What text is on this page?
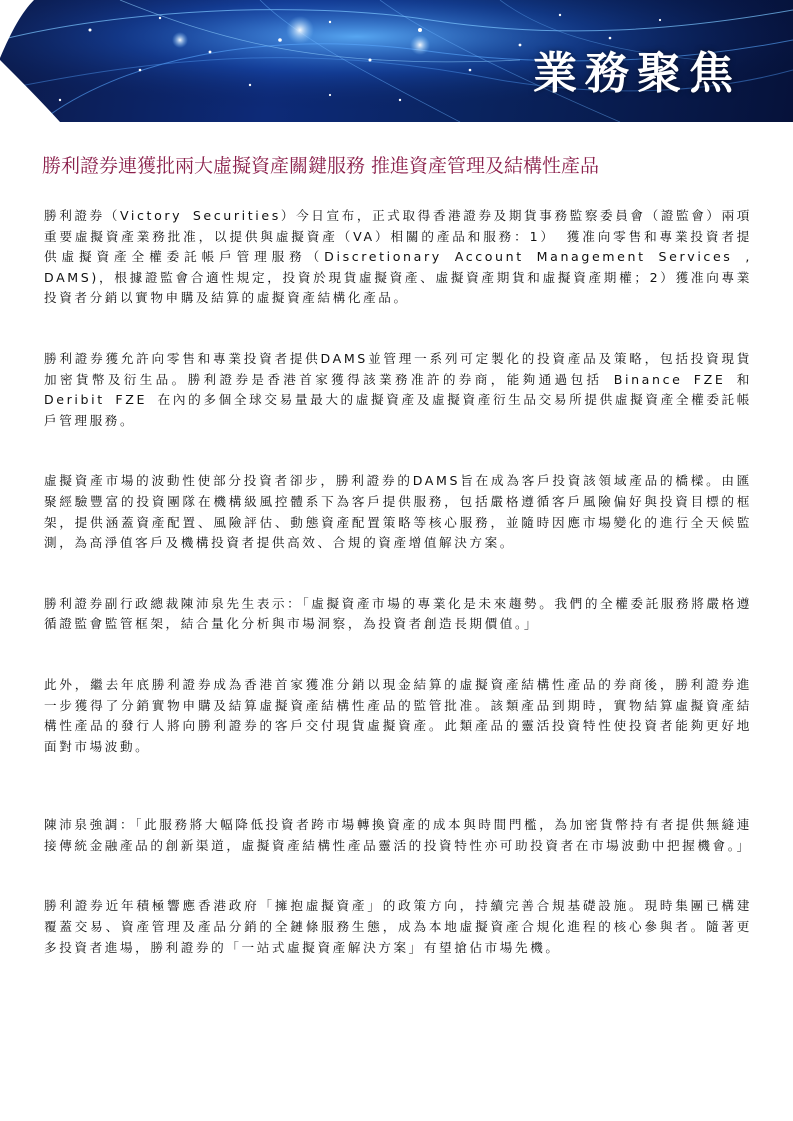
業務聚焦
勝利證券連獲批兩大虛擬資產關鍵服務 推進資產管理及結構性產品

勝利證券（Victory Securities）今日宣布，正式取得香港證券及期貨事務監察委員會（證監會）兩項重要虛擬資產業務批准，以提供與虛擬資產（VA）相關的產品和服務：1） 獲准向零售和專業投資者提供虛擬資產全權委託帳戶管理服務（Discretionary Account Management Services , DAMS)，根據證監會合適性規定，投資於現貨虛擬資產、虛擬資產期貨和虛擬資產期權；2）獲准向專業投資者分銷以實物申購及結算的虛擬資產結構化產品。

勝利證券獲允許向零售和專業投資者提供DAMS並管理一系列可定製化的投資產品及策略，包括投資現貨加密貨幣及衍生品。勝利證券是香港首家獲得該業務准許的券商，能夠通過包括 Binance FZE 和 Deribit FZE 在內的多個全球交易量最大的虛擬資產及虛擬資產衍生品交易所提供虛擬資產全權委託帳戶管理服務。

虛擬資產市場的波動性使部分投資者卻步，勝利證券的DAMS旨在成為客戶投資該領域產品的橋樑。由匯聚經驗豐富的投資團隊在機構級風控體系下為客戶提供服務，包括嚴格遵循客戶風險偏好與投資目標的框架，提供涵蓋資產配置、風險評估、動態資產配置策略等核心服務，並隨時因應市場變化的進行全天候監測，為高淨值客戶及機構投資者提供高效、合規的資產增值解決方案。

勝利證券副行政總裁陳沛泉先生表示：「虛擬資產市場的專業化是未來趨勢。我們的全權委託服務將嚴格遵循證監會監管框架，結合量化分析與市場洞察，為投資者創造長期價值。」

此外，繼去年底勝利證券成為香港首家獲准分銷以現金結算的虛擬資產結構性產品的券商後，勝利證券進一步獲得了分銷實物申購及結算虛擬資產結構性產品的監管批准。該類產品到期時，實物結算虛擬資產結構性產品的發行人將向勝利證券的客戶交付現貨虛擬資產。此類產品的靈活投資特性使投資者能夠更好地面對市場波動。

陳沛泉強調：「此服務將大幅降低投資者跨市場轉換資產的成本與時間門檻，為加密貨幣持有者提供無縫連接傳統金融產品的創新渠道，虛擬資產結構性產品靈活的投資特性亦可助投資者在市場波動中把握機會。」

勝利證券近年積極響應香港政府「擁抱虛擬資產」的政策方向，持續完善合規基礎設施。現時集團已構建覆蓋交易、資產管理及產品分銷的全鏈條服務生態，成為本地虛擬資產合規化進程的核心參與者。隨著更多投資者進場，勝利證券的「一站式虛擬資產解決方案」有望搶佔市場先機。
